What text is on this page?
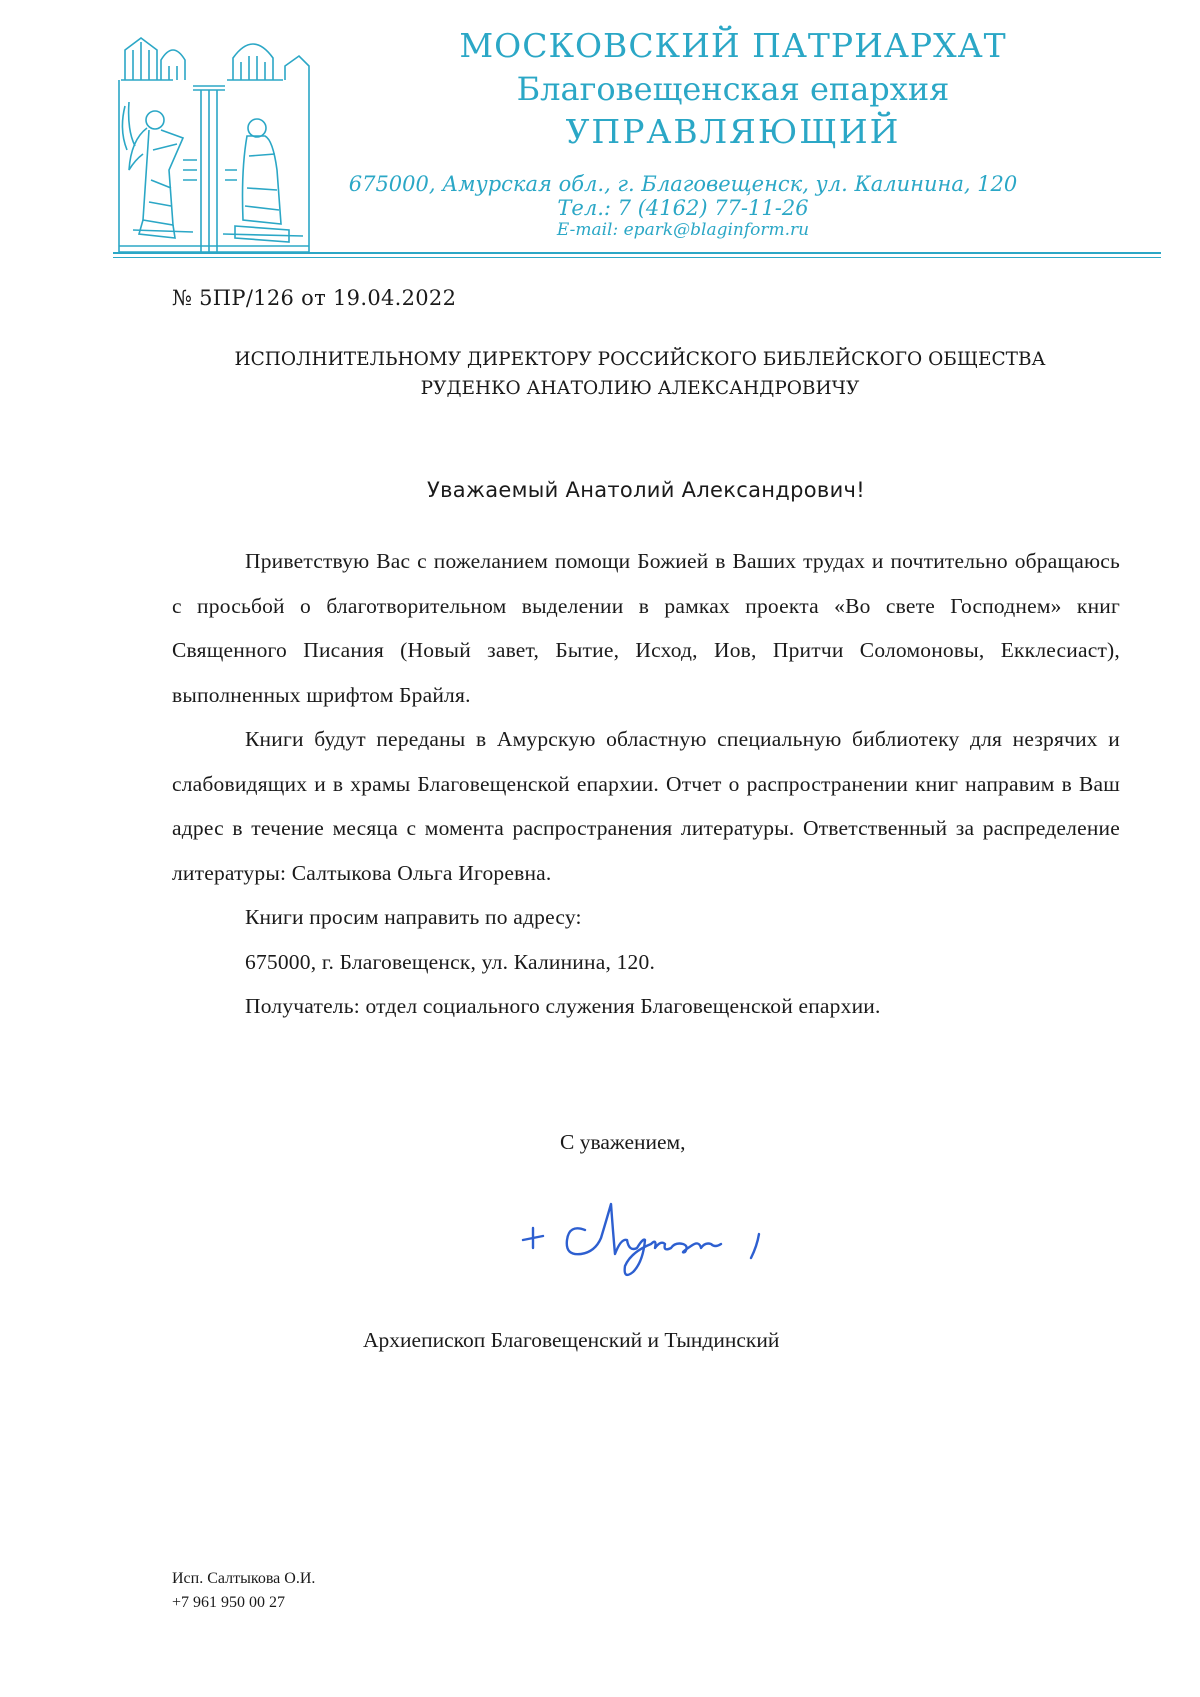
МОСКОВСКИЙ ПАТРИАРХАТ
Благовещенская епархия
УПРАВЛЯЮЩИЙ
675000, Амурская обл., г. Благовещенск, ул. Калинина, 120
Тел.: 7 (4162) 77-11-26
E-mail: epark@blaginform.ru
№ 5ПР/126 от 19.04.2022
ИСПОЛНИТЕЛЬНОМУ ДИРЕКТОРУ РОССИЙСКОГО БИБЛЕЙСКОГО ОБЩЕСТВА
РУДЕНКО АНАТОЛИЮ АЛЕКСАНДРОВИЧУ
Уважаемый Анатолий Александрович!

Приветствую Вас с пожеланием помощи Божией в Ваших трудах и почтительно обращаюсь с просьбой о благотворительном выделении в рамках проекта «Во свете Господнем» книг Священного Писания (Новый завет, Бытие, Исход, Иов, Притчи Соломоновы, Екклесиаст), выполненных шрифтом Брайля.

Книги будут переданы в Амурскую областную специальную библиотеку для незрячих и слабовидящих и в храмы Благовещенской епархии. Отчет о распространении книг направим в Ваш адрес в течение месяца с момента распространения литературы. Ответственный за распределение литературы: Салтыкова Ольга Игоревна.

Книги просим направить по адресу:

675000, г. Благовещенск, ул. Калинина, 120.

Получатель: отдел социального служения Благовещенской епархии.

С уважением,
Архиепископ Благовещенский и Тындинский
Исп. Салтыкова О.И.
+7 961 950 00 27
